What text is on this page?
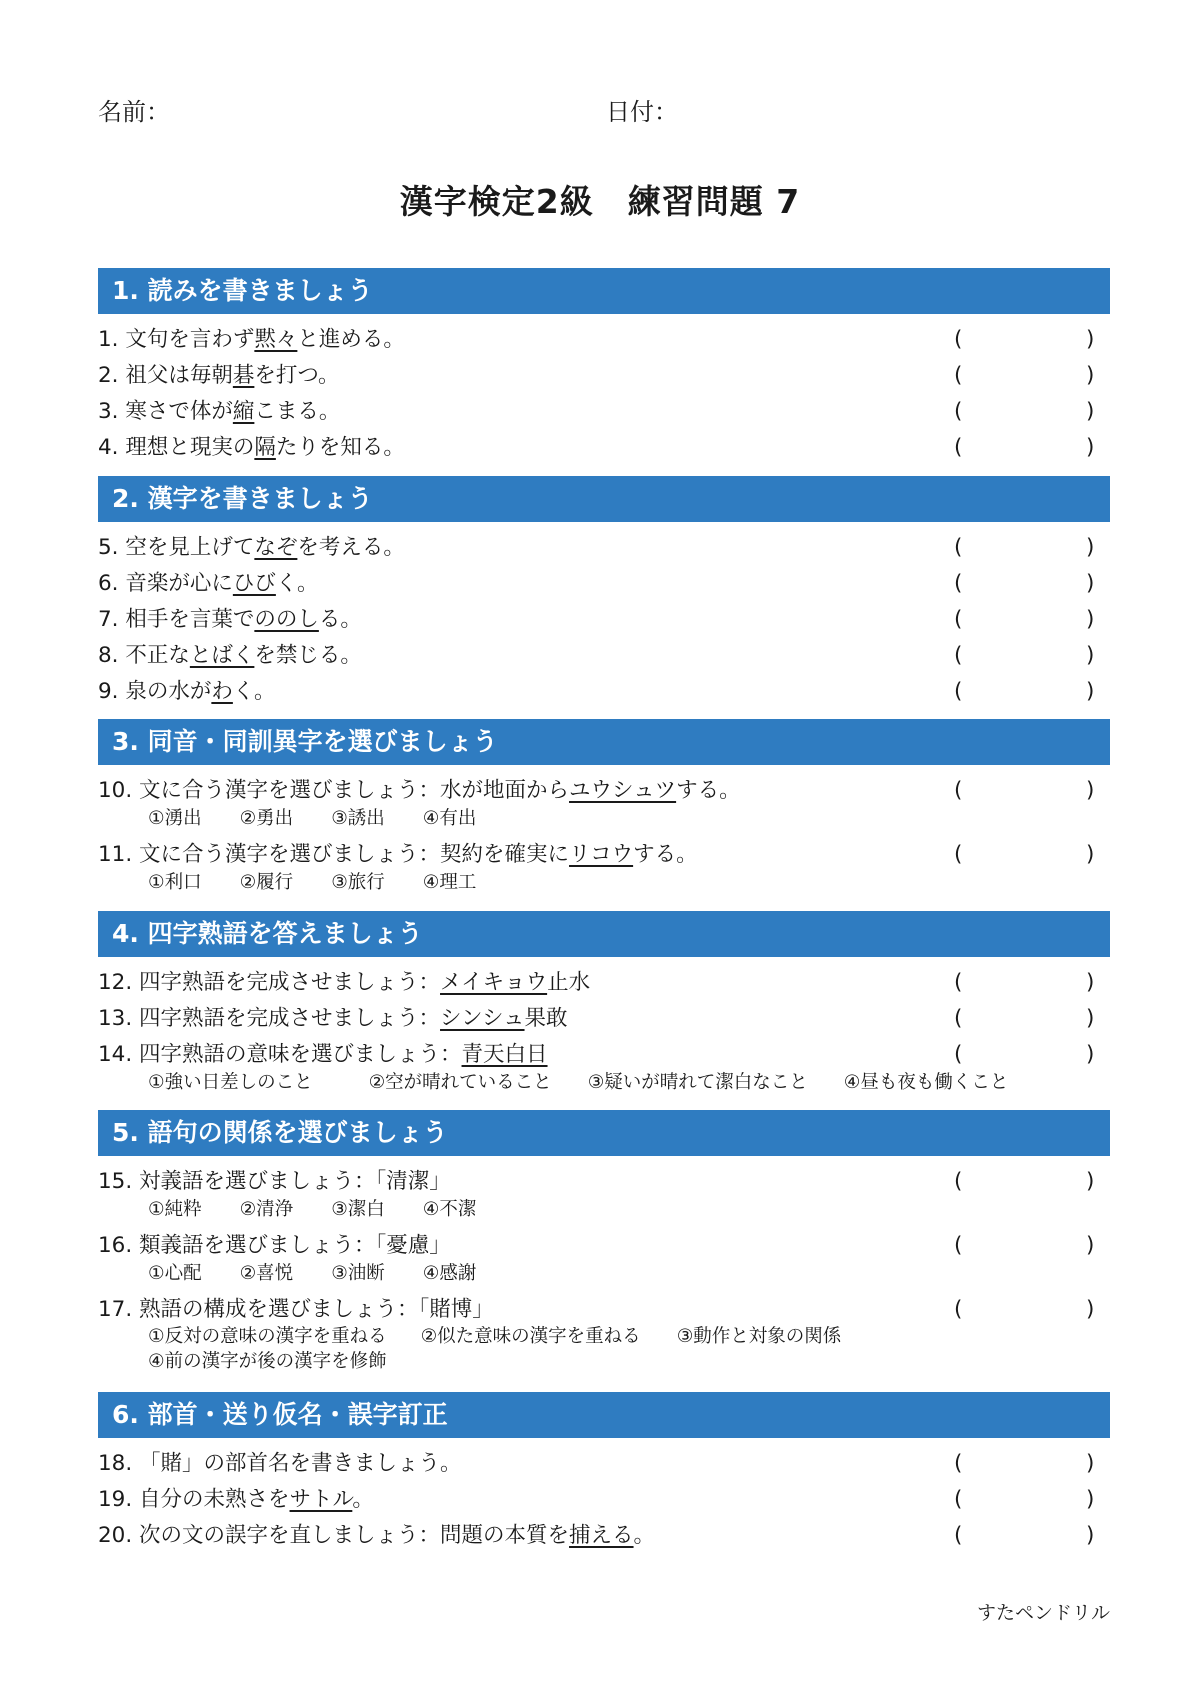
名前：	日付：
漢字検定2級　練習問題 7
1. 読みを書きましょう
1. 文句を言わず黙々と進める。	(	)
2. 祖父は毎朝碁を打つ。	(	)
3. 寒さで体が縮こまる。	(	)
4. 理想と現実の隔たりを知る。	(	)
2. 漢字を書きましょう
5. 空を見上げてなぞを考える。	(	)
6. 音楽が心にひびく。	(	)
7. 相手を言葉でののしる。	(	)
8. 不正なとばくを禁じる。	(	)
9. 泉の水がわく。	(	)
3. 同音・同訓異字を選びましょう
10. 文に合う漢字を選びましょう：水が地面からユウシュツする。	(	)
①湧出 ②勇出 ③誘出 ④有出
11. 文に合う漢字を選びましょう：契約を確実にリコウする。	(	)
①利口 ②履行 ③旅行 ④理工
4. 四字熟語を答えましょう
12. 四字熟語を完成させましょう：メイキョウ止水	(	)
13. 四字熟語を完成させましょう：シンシュ果敢	(	)
14. 四字熟語の意味を選びましょう：青天白日	(	)
①強い日差しのこと	②空が晴れていること ③疑いが晴れて潔白なこと ④昼も夜も働くこと
5. 語句の関係を選びましょう
15. 対義語を選びましょう：「清潔」	(	)
①純粋 ②清浄 ③潔白 ④不潔
16. 類義語を選びましょう：「憂慮」	(	)
①心配 ②喜悦 ③油断 ④感謝
17. 熟語の構成を選びましょう：「賭博」	(	)
①反対の意味の漢字を重ねる ②似た意味の漢字を重ねる ③動作と対象の関係④前の漢字が後の漢字を修飾
6. 部首・送り仮名・誤字訂正
18. 「賭」の部首名を書きましょう。	(	)
19. 自分の未熟さをサトル。	(	)
20. 次の文の誤字を直しましょう：問題の本質を捕える。	(	)
すたペンドリル
